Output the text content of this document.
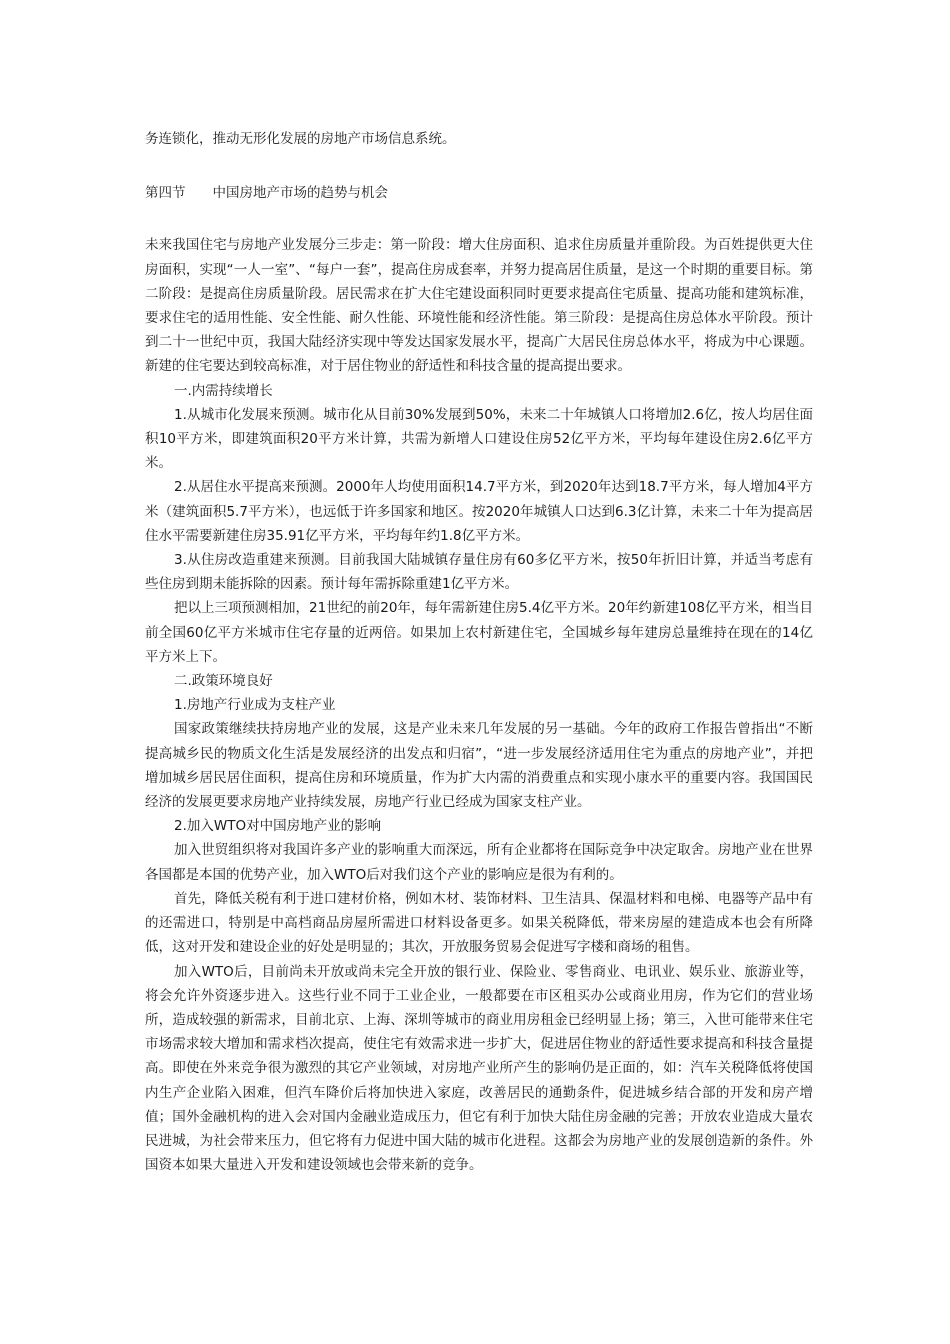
务连锁化，推动无形化发展的房地产市场信息系统。

第四节　　中国房地产市场的趋势与机会

未来我国住宅与房地产业发展分三步走：第一阶段：增大住房面积、追求住房质量并重阶段。为百姓提供更大住房面积，实现“一人一室”、“每户一套”，提高住房成套率，并努力提高居住质量，是这一个时期的重要目标。第二阶段：是提高住房质量阶段。居民需求在扩大住宅建设面积同时更要求提高住宅质量、提高功能和建筑标准，要求住宅的适用性能、安全性能、耐久性能、环境性能和经济性能。第三阶段：是提高住房总体水平阶段。预计到二十一世纪中页，我国大陆经济实现中等发达国家发展水平，提高广大居民住房总体水平，将成为中心课题。新建的住宅要达到较高标准，对于居住物业的舒适性和科技含量的提高提出要求。

一.内需持续增长

1.从城市化发展来预测。城市化从目前30%发展到50%，未来二十年城镇人口将增加2.6亿，按人均居住面积10平方米，即建筑面积20平方米计算，共需为新增人口建设住房52亿平方米，平均每年建设住房2.6亿平方米。

2.从居住水平提高来预测。2000年人均使用面积14.7平方米，到2020年达到18.7平方米，每人增加4平方米（建筑面积5.7平方米），也远低于许多国家和地区。按2020年城镇人口达到6.3亿计算，未来二十年为提高居住水平需要新建住房35.91亿平方米，平均每年约1.8亿平方米。

3.从住房改造重建来预测。目前我国大陆城镇存量住房有60多亿平方米，按50年折旧计算，并适当考虑有些住房到期未能拆除的因素。预计每年需拆除重建1亿平方米。

把以上三项预测相加，21世纪的前20年，每年需新建住房5.4亿平方米。20年约新建108亿平方米，相当目前全国60亿平方米城市住宅存量的近两倍。如果加上农村新建住宅，全国城乡每年建房总量维持在现在的14亿平方米上下。

二.政策环境良好

1.房地产行业成为支柱产业

国家政策继续扶持房地产业的发展，这是产业未来几年发展的另一基础。今年的政府工作报告曾指出“不断提高城乡民的物质文化生活是发展经济的出发点和归宿”，“进一步发展经济适用住宅为重点的房地产业”，并把增加城乡居民居住面积，提高住房和环境质量，作为扩大内需的消费重点和实现小康水平的重要内容。我国国民经济的发展更要求房地产业持续发展，房地产行业已经成为国家支柱产业。

2.加入WTO对中国房地产业的影响

加入世贸组织将对我国许多产业的影响重大而深远，所有企业都将在国际竞争中决定取舍。房地产业在世界各国都是本国的优势产业，加入WTO后对我们这个产业的影响应是很为有利的。

首先，降低关税有利于进口建材价格，例如木材、装饰材料、卫生洁具、保温材料和电梯、电器等产品中有的还需进口，特别是中高档商品房屋所需进口材料设备更多。如果关税降低，带来房屋的建造成本也会有所降低，这对开发和建设企业的好处是明显的；其次，开放服务贸易会促进写字楼和商场的租售。

加入WTO后，目前尚未开放或尚未完全开放的银行业、保险业、零售商业、电讯业、娱乐业、旅游业等，将会允许外资逐步进入。这些行业不同于工业企业，一般都要在市区租买办公或商业用房，作为它们的营业场所，造成较强的新需求，目前北京、上海、深圳等城市的商业用房租金已经明显上扬；第三，入世可能带来住宅市场需求较大增加和需求档次提高，使住宅有效需求进一步扩大，促进居住物业的舒适性要求提高和科技含量提高。即使在外来竞争很为激烈的其它产业领域，对房地产业所产生的影响仍是正面的，如：汽车关税降低将使国内生产企业陷入困难，但汽车降价后将加快进入家庭，改善居民的通勤条件，促进城乡结合部的开发和房产增值；国外金融机构的进入会对国内金融业造成压力，但它有利于加快大陆住房金融的完善；开放农业造成大量农民进城，为社会带来压力，但它将有力促进中国大陆的城市化进程。这都会为房地产业的发展创造新的条件。外国资本如果大量进入开发和建设领域也会带来新的竞争。
